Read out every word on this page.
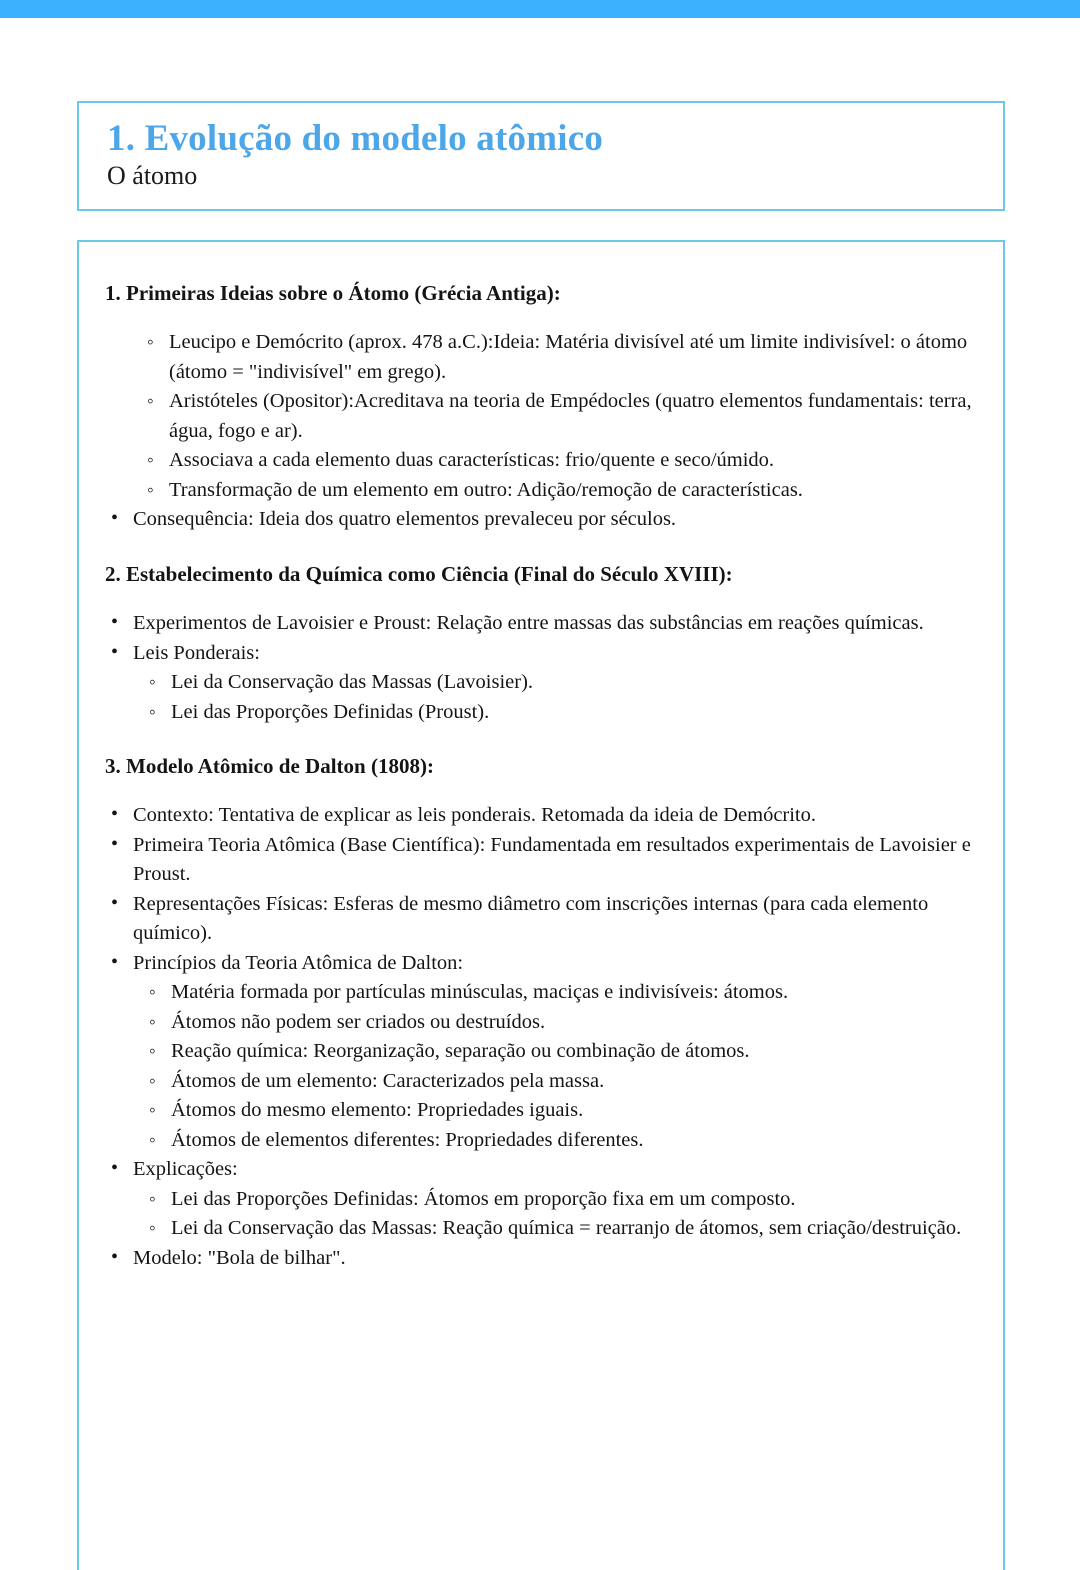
1. Evolução do modelo atômico
O átomo
1. Primeiras Ideias sobre o Átomo (Grécia Antiga):
◦ Leucipo e Demócrito (aprox. 478 a.C.):Ideia: Matéria divisível até um limite indivisível: o átomo (átomo = "indivisível" em grego).
◦ Aristóteles (Opositor):Acreditava na teoria de Empédocles (quatro elementos fundamentais: terra, água, fogo e ar).
◦ Associava a cada elemento duas características: frio/quente e seco/úmido.
◦ Transformação de um elemento em outro: Adição/remoção de características.
• Consequência: Ideia dos quatro elementos prevaleceu por séculos.
2. Estabelecimento da Química como Ciência (Final do Século XVIII):
• Experimentos de Lavoisier e Proust: Relação entre massas das substâncias em reações químicas.
• Leis Ponderais:
◦ Lei da Conservação das Massas (Lavoisier).
◦ Lei das Proporções Definidas (Proust).
3. Modelo Atômico de Dalton (1808):
• Contexto: Tentativa de explicar as leis ponderais. Retomada da ideia de Demócrito.
• Primeira Teoria Atômica (Base Científica): Fundamentada em resultados experimentais de Lavoisier e Proust.
• Representações Físicas: Esferas de mesmo diâmetro com inscrições internas (para cada elemento químico).
• Princípios da Teoria Atômica de Dalton:
◦ Matéria formada por partículas minúsculas, maciças e indivisíveis: átomos.
◦ Átomos não podem ser criados ou destruídos.
◦ Reação química: Reorganização, separação ou combinação de átomos.
◦ Átomos de um elemento: Caracterizados pela massa.
◦ Átomos do mesmo elemento: Propriedades iguais.
◦ Átomos de elementos diferentes: Propriedades diferentes.
• Explicações:
◦ Lei das Proporções Definidas: Átomos em proporção fixa em um composto.
◦ Lei da Conservação das Massas: Reação química = rearranjo de átomos, sem criação/destruição.
• Modelo: "Bola de bilhar".
